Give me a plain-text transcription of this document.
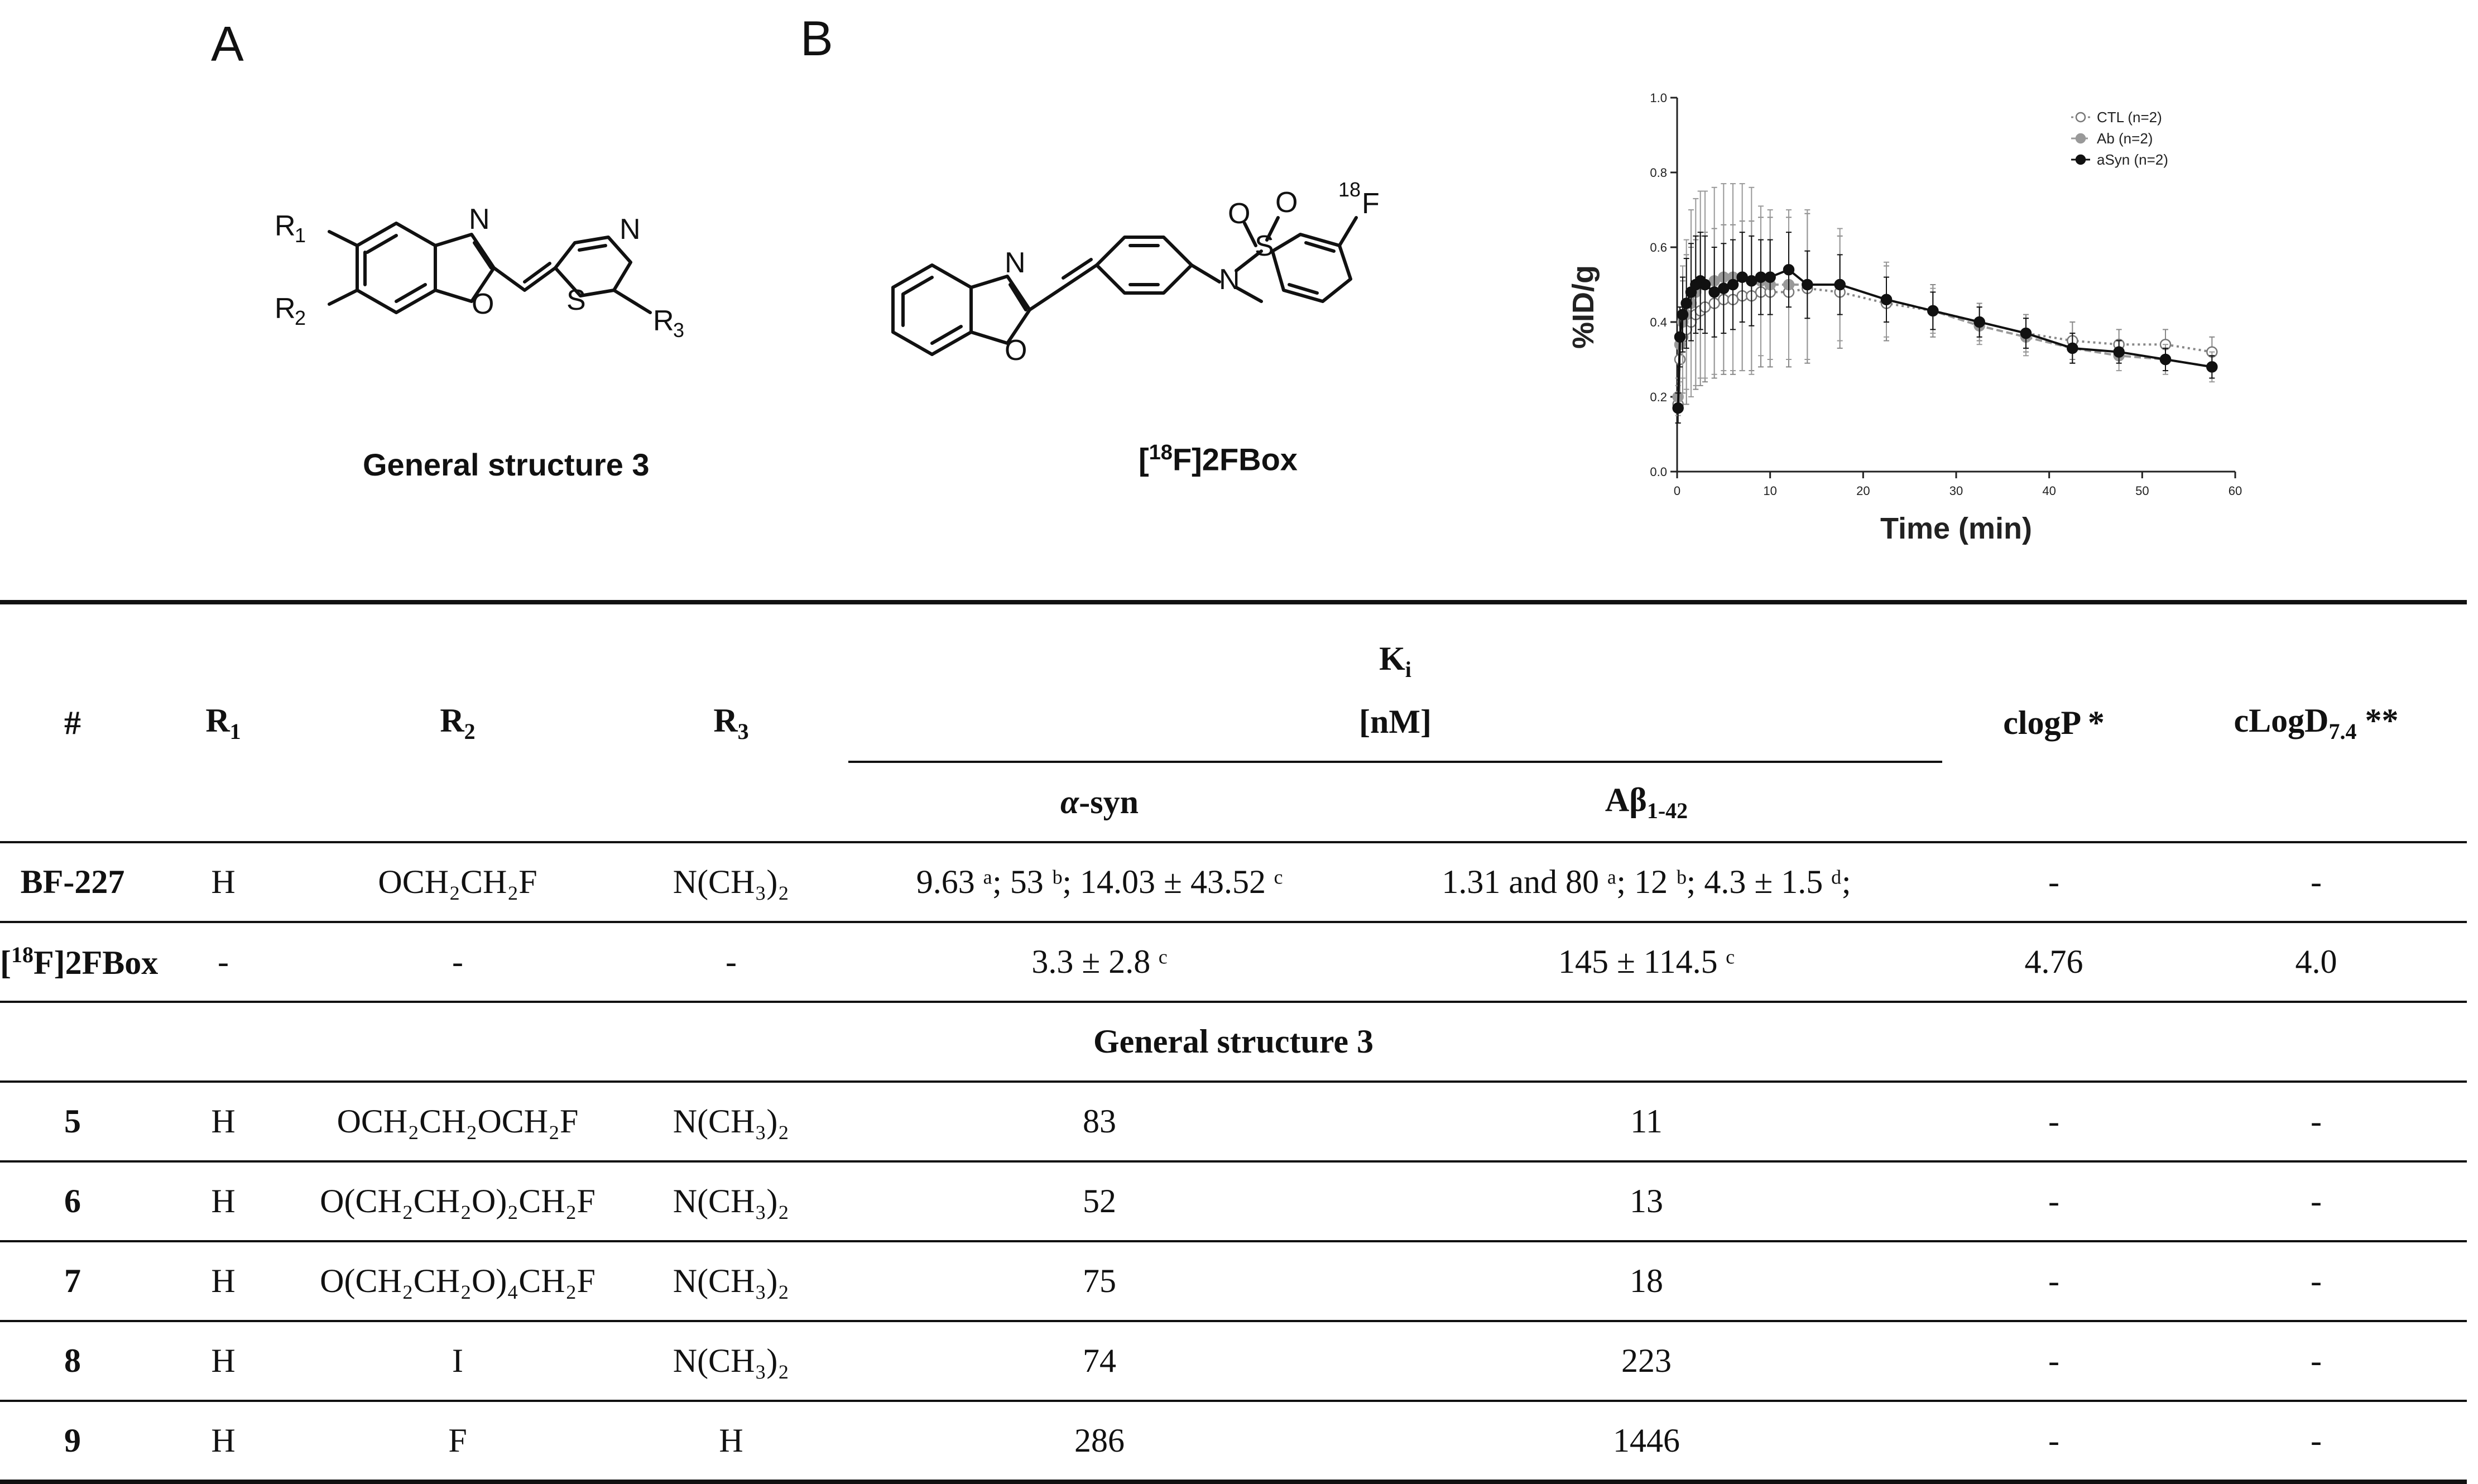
A	B
N
O
N
S
R
1
R
2	R
3
General structure 3
N
O
N
S
O O 18 F
[$^{18}$F]2FBox
0	10	20	30	40	50	60
0.0
0.2
0.4
0.6
0.8
1.0
CTL (n=2)
Ab (n=2)
aSyn (n=2)
Time (min)
%ID/g
#	$R_1$	$R_2$	$R_3$	$K_i$		clogP *	cLogD$_{7.4}$ **
				[nM]			
				α-syn	$A\beta_{1-42}$
BF-227	H	OCH₂CH₂F	N(CH₃)₂	9.63 ᵃ; 53 ᵇ; 14.03 ± 43.52 ᶜ	1.31 and 80 ᵃ; 12 ᵇ; 4.3 ± 1.5 ᵈ;	-	-
[$^{18}$F]2FBox	-	-	-	3.3 ± 2.8 ᶜ	145 ± 114.5 ᶜ	4.76	4.0
General structure 3							
5	H	OCH₂CH₂OCH₂F	N(CH₃)₂	83	11	-	-
6	H	O(CH₂CH₂O)₂CH₂F	N(CH₃)₂	52	13	-	-
7	H	O(CH₂CH₂O)₄CH₂F	N(CH₃)₂	75	18	-	-
8	H	I	N(CH₃)₂	74	223	-	-
9	H	F	H	286	1446	-	-
